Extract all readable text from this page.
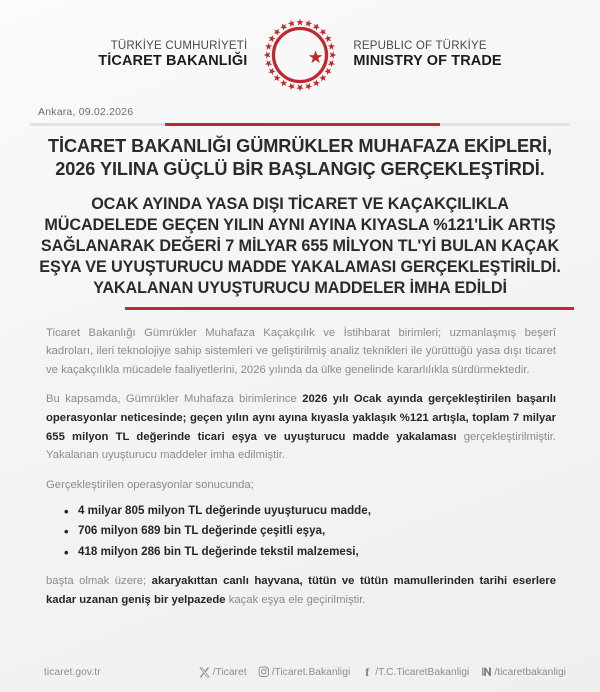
TÜRKİYE CUMHURİYETİ
TİCARET BAKANLIĞI
REPUBLIC OF TÜRKİYE
MINISTRY OF TRADE
Ankara, 09.02.2026
TİCARET BAKANLIĞI GÜMRÜKLER MUHAFAZA EKİPLERİ, 2026 YILINA GÜÇLÜ BİR BAŞLANGIÇ GERÇEKLEŞTİRDİ.
OCAK AYINDA YASA DIŞI TİCARET VE KAÇAKÇILIKLA MÜCADELEDE GEÇEN YILIN AYNI AYINA KIYASLA %121'LİK ARTIŞ SAĞLANARAK DEĞERİ 7 MİLYAR 655 MİLYON TL'Yİ BULAN KAÇAK EŞYA VE UYUŞTURUCU MADDE YAKALAMASI GERÇEKLEŞTİRİLDİ. YAKALANAN UYUŞTURUCU MADDELER İMHA EDİLDİ

Ticaret Bakanlığı Gümrükler Muhafaza Kaçakçılık ve İstihbarat birimleri; uzmanlaşmış beşerî kadroları, ileri teknolojiye sahip sistemleri ve geliştirilmiş analiz teknikleri ile yürüttüğü yasa dışı ticaret ve kaçakçılıkla mücadele faaliyetlerini, 2026 yılında da ülke genelinde kararlılıkla sürdürmektedir.

Bu kapsamda, Gümrükler Muhafaza birimlerince 2026 yılı Ocak ayında gerçekleştirilen başarılı operasyonlar neticesinde; geçen yılın aynı ayına kıyasla yaklaşık %121 artışla, toplam 7 milyar 655 milyon TL değerinde ticari eşya ve uyuşturucu madde yakalaması gerçekleştirilmiştir. Yakalanan uyuşturucu maddeler imha edilmiştir.

Gerçekleştirilen operasyonlar sonucunda;

• 4 milyar 805 milyon TL değerinde uyuşturucu madde,
• 706 milyon 689 bin TL değerinde çeşitli eşya,
• 418 milyon 286 bin TL değerinde tekstil malzemesi,

başta olmak üzere; akaryakıttan canlı hayvana, tütün ve tütün mamullerinden tarihi eserlere kadar uzanan geniş bir yelpazede kaçak eşya ele geçirilmiştir.

ticaret.gov.tr	/Ticaret /Ticaret.Bakanligi	f /T.C.TicaretBakanligi /ticaretbakanligi
